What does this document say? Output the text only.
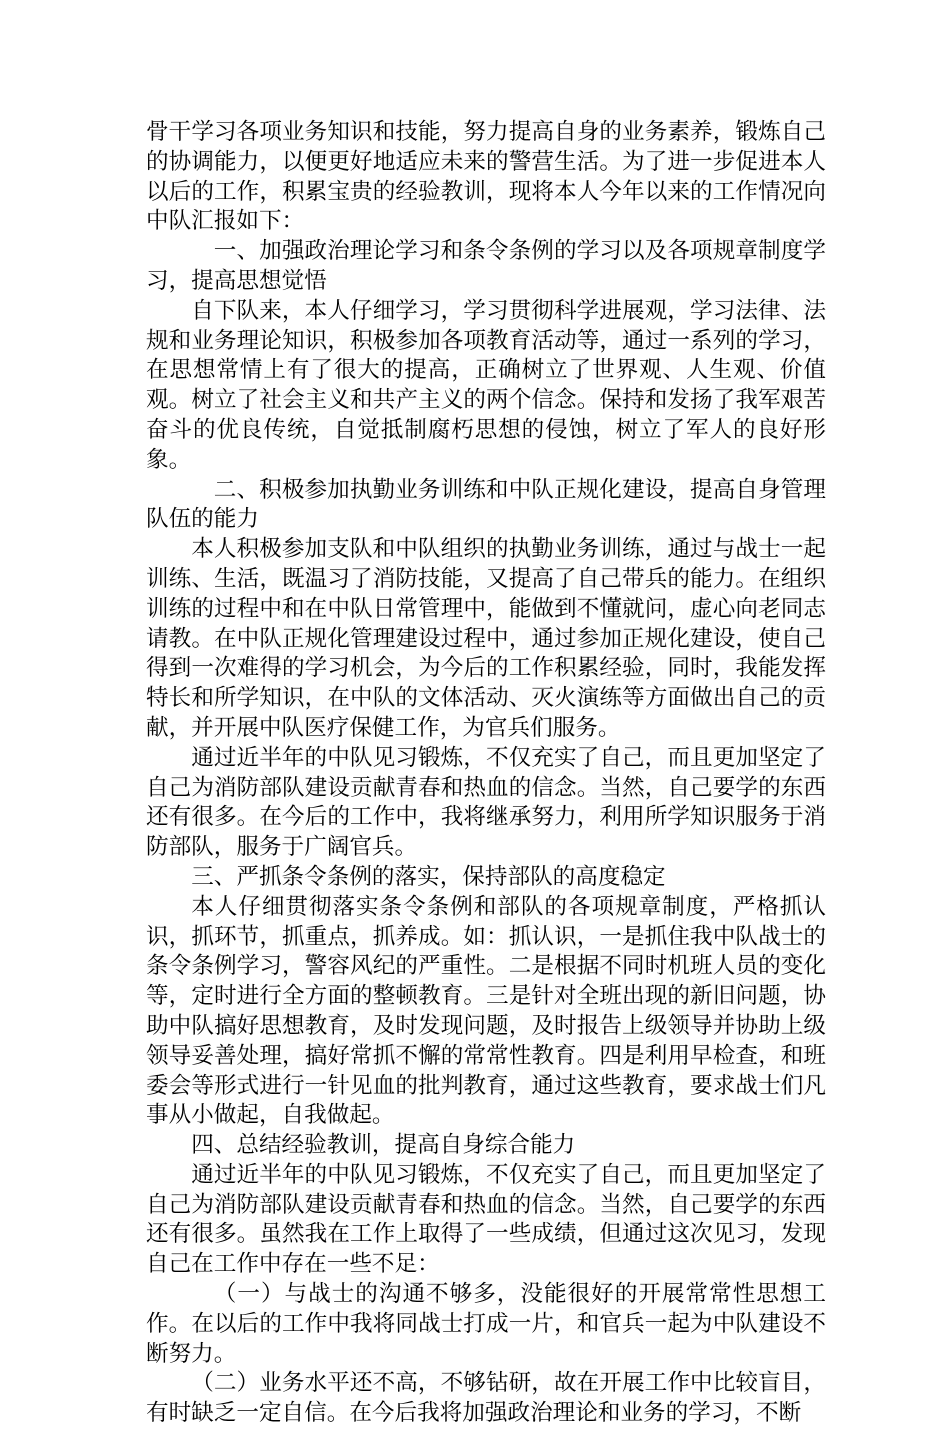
骨干学习各项业务知识和技能，努力提高自身的业务素养，锻炼自己的协调能力，以便更好地适应未来的警营生活。为了进一步促进本人以后的工作，积累宝贵的经验教训，现将本人今年以来的工作情况向中队汇报如下：

一、加强政治理论学习和条令条例的学习以及各项规章制度学习，提高思想觉悟

自下队来，本人仔细学习，学习贯彻科学进展观，学习法律、法规和业务理论知识，积极参加各项教育活动等，通过一系列的学习，在思想常情上有了很大的提高，正确树立了世界观、人生观、价值观。树立了社会主义和共产主义的两个信念。保持和发扬了我军艰苦奋斗的优良传统，自觉抵制腐朽思想的侵蚀，树立了军人的良好形象。

二、积极参加执勤业务训练和中队正规化建设，提高自身管理队伍的能力

本人积极参加支队和中队组织的执勤业务训练，通过与战士一起训练、生活，既温习了消防技能，又提高了自己带兵的能力。在组织训练的过程中和在中队日常管理中，能做到不懂就问，虚心向老同志请教。在中队正规化管理建设过程中，通过参加正规化建设，使自己得到一次难得的学习机会，为今后的工作积累经验，同时，我能发挥特长和所学知识，在中队的文体活动、灭火演练等方面做出自己的贡献，并开展中队医疗保健工作，为官兵们服务。

通过近半年的中队见习锻炼，不仅充实了自己，而且更加坚定了自己为消防部队建设贡献青春和热血的信念。当然，自己要学的东西还有很多。在今后的工作中，我将继承努力，利用所学知识服务于消防部队，服务于广阔官兵。

三、严抓条令条例的落实，保持部队的高度稳定

本人仔细贯彻落实条令条例和部队的各项规章制度，严格抓认识，抓环节，抓重点，抓养成。如：抓认识，一是抓住我中队战士的条令条例学习，警容风纪的严重性。二是根据不同时机班人员的变化等，定时进行全方面的整顿教育。三是针对全班出现的新旧问题，协助中队搞好思想教育，及时发现问题，及时报告上级领导并协助上级领导妥善处理，搞好常抓不懈的常常性教育。四是利用早检查，和班委会等形式进行一针见血的批判教育，通过这些教育，要求战士们凡事从小做起，自我做起。

四、总结经验教训，提高自身综合能力

通过近半年的中队见习锻炼，不仅充实了自己，而且更加坚定了自己为消防部队建设贡献青春和热血的信念。当然，自己要学的东西还有很多。虽然我在工作上取得了一些成绩，但通过这次见习，发现自己在工作中存在一些不足：

（一）与战士的沟通不够多，没能很好的开展常常性思想工作。在以后的工作中我将同战士打成一片，和官兵一起为中队建设不断努力。

（二）业务水平还不高，不够钻研，故在开展工作中比较盲目，有时缺乏一定自信。在今后我将加强政治理论和业务的学习，不断
